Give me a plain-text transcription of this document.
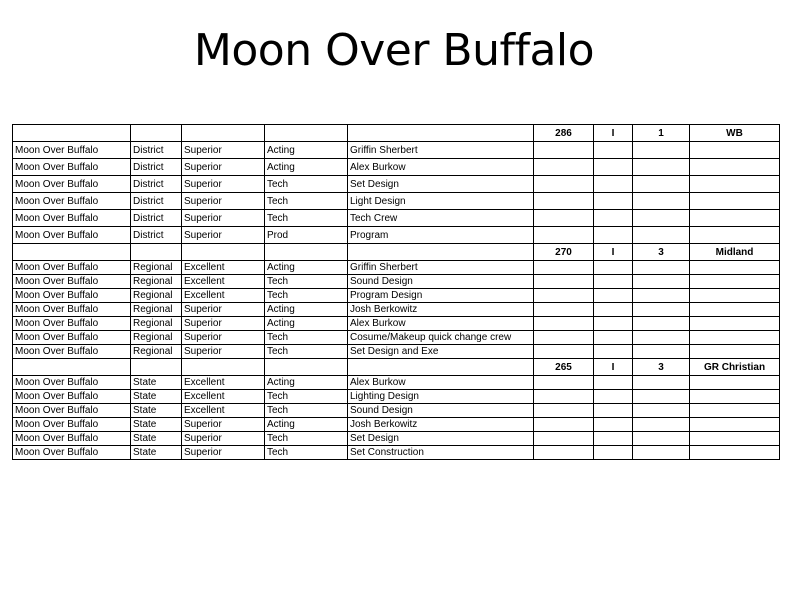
Moon Over Buffalo
					286	I	1	WB
Moon Over Buffalo	District	Superior	Acting	Griffin Sherbert				
Moon Over Buffalo	District	Superior	Acting	Alex Burkow				
Moon Over Buffalo	District	Superior	Tech	Set Design				
Moon Over Buffalo	District	Superior	Tech	Light Design				
Moon Over Buffalo	District	Superior	Tech	Tech Crew				
Moon Over Buffalo	District	Superior	Prod	Program				
					270	I	3	Midland
Moon Over Buffalo	Regional	Excellent	Acting	Griffin Sherbert				
Moon Over Buffalo	Regional	Excellent	Tech	Sound Design				
Moon Over Buffalo	Regional	Excellent	Tech	Program Design				
Moon Over Buffalo	Regional	Superior	Acting	Josh Berkowitz				
Moon Over Buffalo	Regional	Superior	Acting	Alex Burkow				
Moon Over Buffalo	Regional	Superior	Tech	Cosume/Makeup quick change crew				
Moon Over Buffalo	Regional	Superior	Tech	Set Design and Exe				
					265	I	3	GR Christian
Moon Over Buffalo	State	Excellent	Acting	Alex Burkow				
Moon Over Buffalo	State	Excellent	Tech	Lighting Design				
Moon Over Buffalo	State	Excellent	Tech	Sound Design				
Moon Over Buffalo	State	Superior	Acting	Josh Berkowitz				
Moon Over Buffalo	State	Superior	Tech	Set Design				
Moon Over Buffalo	State	Superior	Tech	Set Construction				
